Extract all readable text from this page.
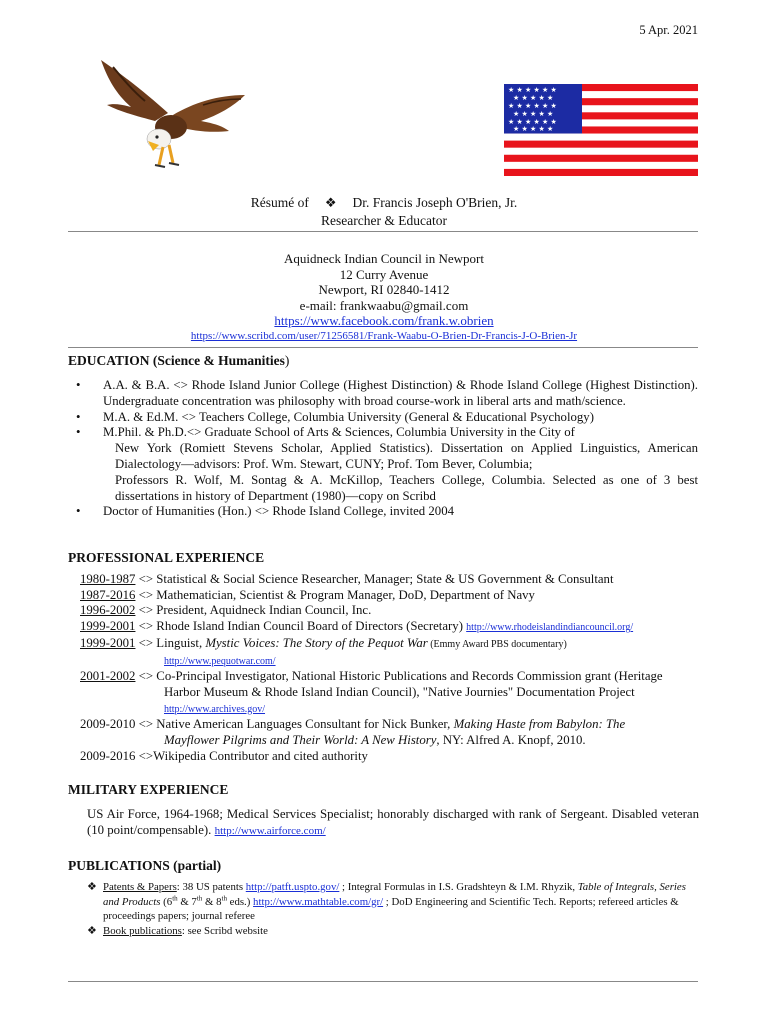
5 Apr. 2021
★ ★ ★ ★ ★ ★
★ ★ ★ ★ ★
★ ★ ★ ★ ★ ★
★ ★ ★ ★ ★
★ ★ ★ ★ ★ ★
★ ★ ★ ★ ★
Résumé of ❖ Dr. Francis Joseph O'Brien, Jr.
Researcher & Educator
Aquidneck Indian Council in Newport
12 Curry Avenue
Newport, RI 02840-1412
e-mail: frankwaabu@gmail.com
https://www.facebook.com/frank.w.obrien
https://www.scribd.com/user/71256581/Frank-Waabu-O-Brien-Dr-Francis-J-O-Brien-Jr
EDUCATION (Science & Humanities)
• A.A. & B.A. <> Rhode Island Junior College (Highest Distinction) & Rhode Island College (Highest Distinction). Undergraduate concentration was philosophy with broad course-work in liberal arts and math/science.
• M.A. & Ed.M. <> Teachers College, Columbia University (General & Educational Psychology)
• M.Phil. & Ph.D.<> Graduate School of Arts & Sciences, Columbia University in the City of
New York (Romiett Stevens Scholar, Applied Statistics). Dissertation on Applied Linguistics, American Dialectology—advisors: Prof. Wm. Stewart, CUNY; Prof. Tom Bever, Columbia;
Professors R. Wolf, M. Sontag & A. McKillop, Teachers College, Columbia. Selected as one of 3 best dissertations in history of Department (1980)—copy on Scribd
• Doctor of Humanities (Hon.) <> Rhode Island College, invited 2004
PROFESSIONAL EXPERIENCE
1980-1987 <> Statistical & Social Science Researcher, Manager; State & US Government & Consultant
1987-2016 <> Mathematician, Scientist & Program Manager, DoD, Department of Navy
1996-2002 <> President, Aquidneck Indian Council, Inc.
1999-2001 <> Rhode Island Indian Council Board of Directors (Secretary) http://www.rhodeislandindiancouncil.org/
1999-2001 <> Linguist, Mystic Voices: The Story of the Pequot War (Emmy Award PBS documentary)
http://www.pequotwar.com/
2001-2002 <> Co-Principal Investigator, National Historic Publications and Records Commission grant (Heritage
Harbor Museum & Rhode Island Indian Council), "Native Journies" Documentation Project
http://www.archives.gov/
2009-2010 <> Native American Languages Consultant for Nick Bunker, Making Haste from Babylon: The
Mayflower Pilgrims and Their World: A New History, NY: Alfred A. Knopf, 2010.
2009-2016 <>Wikipedia Contributor and cited authority
MILITARY EXPERIENCE
US Air Force, 1964-1968; Medical Services Specialist; honorably discharged with rank of Sergeant. Disabled veteran (10 point/compensable). http://www.airforce.com/
PUBLICATIONS (partial)
❖ Patents & Papers: 38 US patents http://patft.uspto.gov/ ; Integral Formulas in I.S. Gradshteyn & I.M. Rhyzik, Table of Integrals, Series and Products (6th & 7th & 8th eds.) http://www.mathtable.com/gr/ ; DoD Engineering and Scientific Tech. Reports; refereed articles & proceedings papers; journal referee
❖ Book publications: see Scribd website
